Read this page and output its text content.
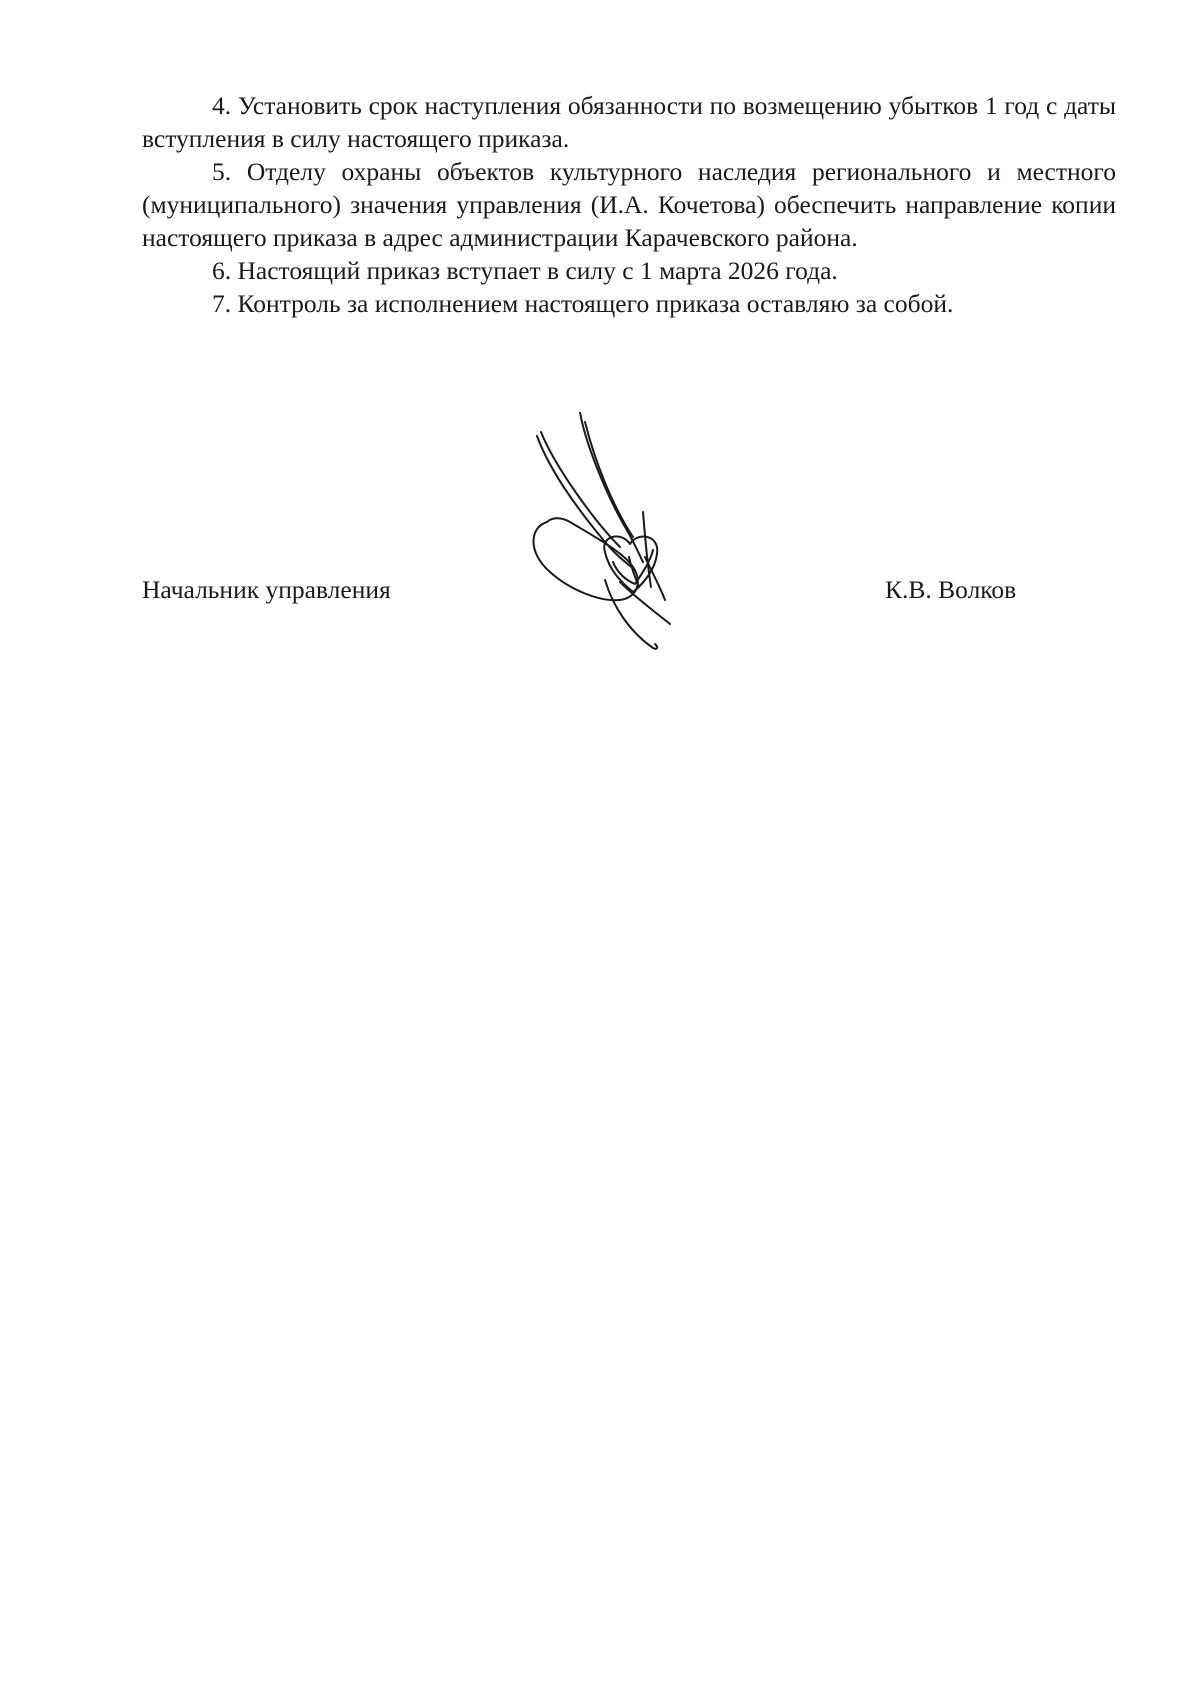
4. Установить срок наступления обязанности по возмещению убытков 1 год с даты вступления в силу настоящего приказа.

5. Отделу охраны объектов культурного наследия регионального и местного (муниципального) значения управления (И.А. Кочетова) обеспечить направление копии настоящего приказа в адрес администрации Карачевского района.

6. Настоящий приказ вступает в силу с 1 марта 2026 года.

7. Контроль за исполнением настоящего приказа оставляю за собой.

Начальник управления	К.В. Волков
